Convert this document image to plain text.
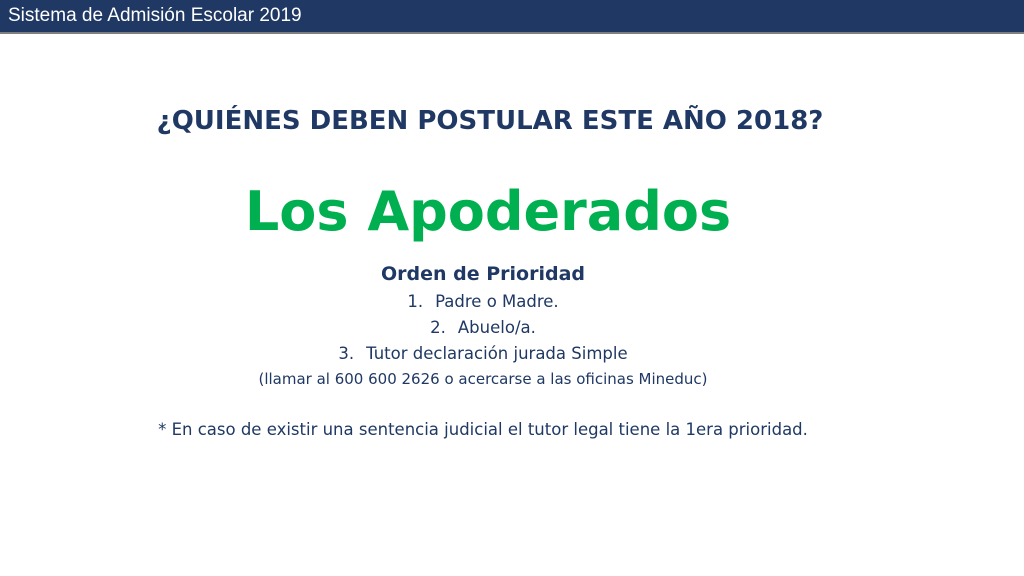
Sistema de Admisión Escolar 2019
¿QUIÉNES DEBEN POSTULAR ESTE AÑO 2018?
Los Apoderados
Orden de Prioridad
1. Padre o Madre.
2. Abuelo/a.
3. Tutor declaración jurada Simple
(llamar al 600 600 2626 o acercarse a las oficinas Mineduc)
* En caso de existir una sentencia judicial el tutor legal tiene la 1era prioridad.
